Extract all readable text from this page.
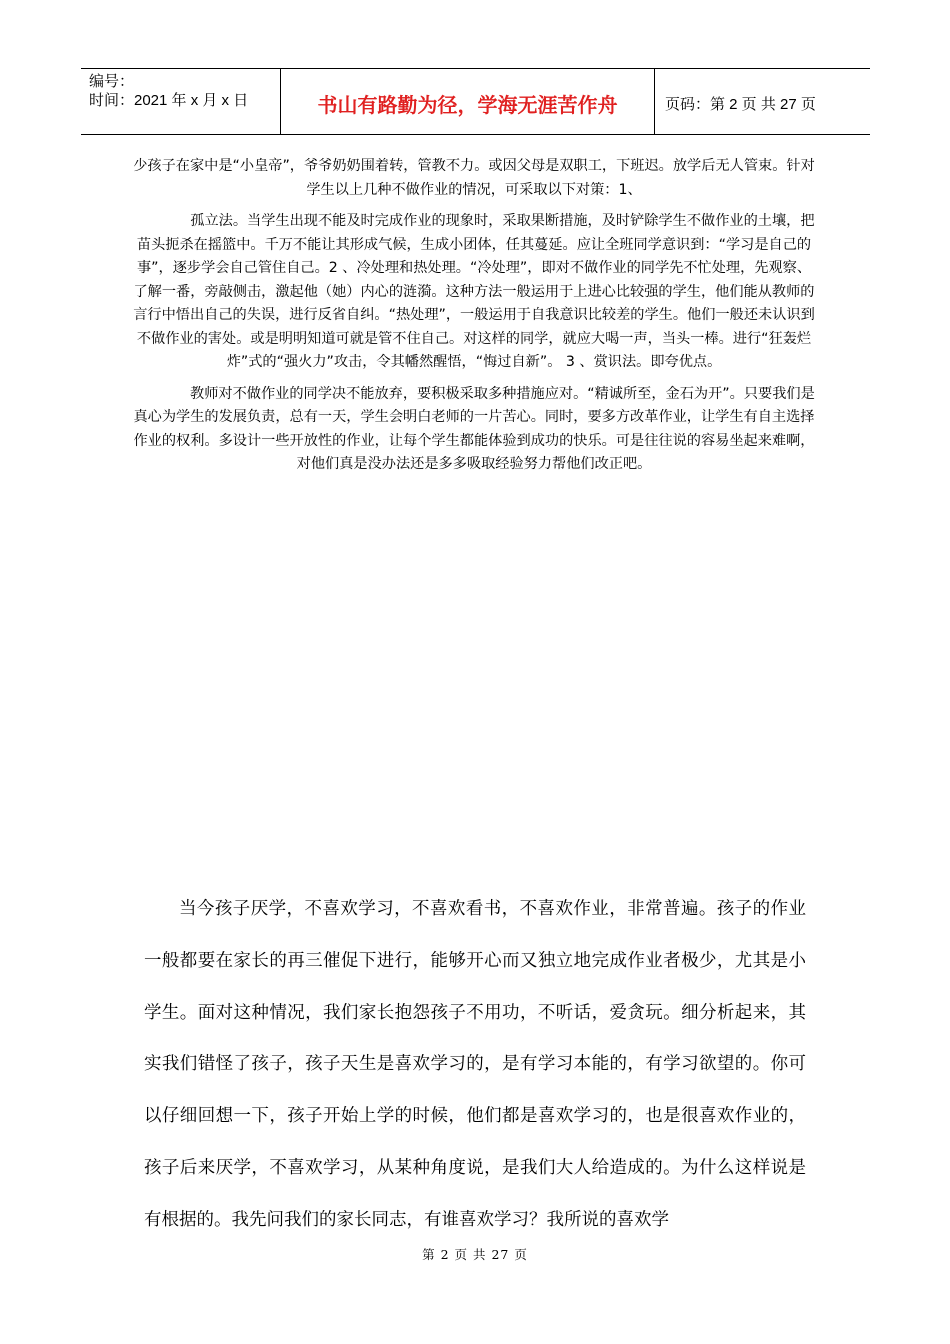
编号：
时间：2021 年 x 月 x 日	书山有路勤为径，学海无涯苦作舟	页码：第 2 页 共 27 页

少孩子在家中是“小皇帝”，爷爷奶奶围着转，管教不力。或因父母是双职工，下班迟。放学后无人管束。针对学生以上几种不做作业的情况，可采取以下对策：1、

孤立法。当学生出现不能及时完成作业的现象时，采取果断措施，及时铲除学生不做作业的土壤，把苗头扼杀在摇篮中。千万不能让其形成气候，生成小团体，任其蔓延。应让全班同学意识到：“学习是自己的事”，逐步学会自己管住自己。2 、冷处理和热处理。“冷处理”，即对不做作业的同学先不忙处理，先观察、了解一番，旁敲侧击，激起他（她）内心的涟漪。这种方法一般运用于上进心比较强的学生，他们能从教师的言行中悟出自己的失误，进行反省自纠。“热处理”，一般运用于自我意识比较差的学生。他们一般还未认识到不做作业的害处。或是明明知道可就是管不住自己。对这样的同学，就应大喝一声，当头一棒。进行“狂轰烂炸”式的“强火力”攻击，令其幡然醒悟，“悔过自新”。 3 、赏识法。即夸优点。

教师对不做作业的同学决不能放弃，要积极采取多种措施应对。“精诚所至，金石为开”。只要我们是真心为学生的发展负责，总有一天，学生会明白老师的一片苦心。同时，要多方改革作业，让学生有自主选择作业的权利。多设计一些开放性的作业，让每个学生都能体验到成功的快乐。可是往往说的容易坐起来难啊，对他们真是没办法还是多多吸取经验努力帮他们改正吧。

当今孩子厌学，不喜欢学习，不喜欢看书，不喜欢作业，非常普遍。孩子的作业一般都要在家长的再三催促下进行，能够开心而又独立地完成作业者极少，尤其是小学生。面对这种情况，我们家长抱怨孩子不用功，不听话，爱贪玩。细分析起来，其实我们错怪了孩子，孩子天生是喜欢学习的，是有学习本能的，有学习欲望的。你可以仔细回想一下，孩子开始上学的时候，他们都是喜欢学习的，也是很喜欢作业的，孩子后来厌学，不喜欢学习，从某种角度说，是我们大人给造成的。为什么这样说是有根据的。我先问我们的家长同志，有谁喜欢学习？我所说的喜欢学
第 2 页 共 27 页
